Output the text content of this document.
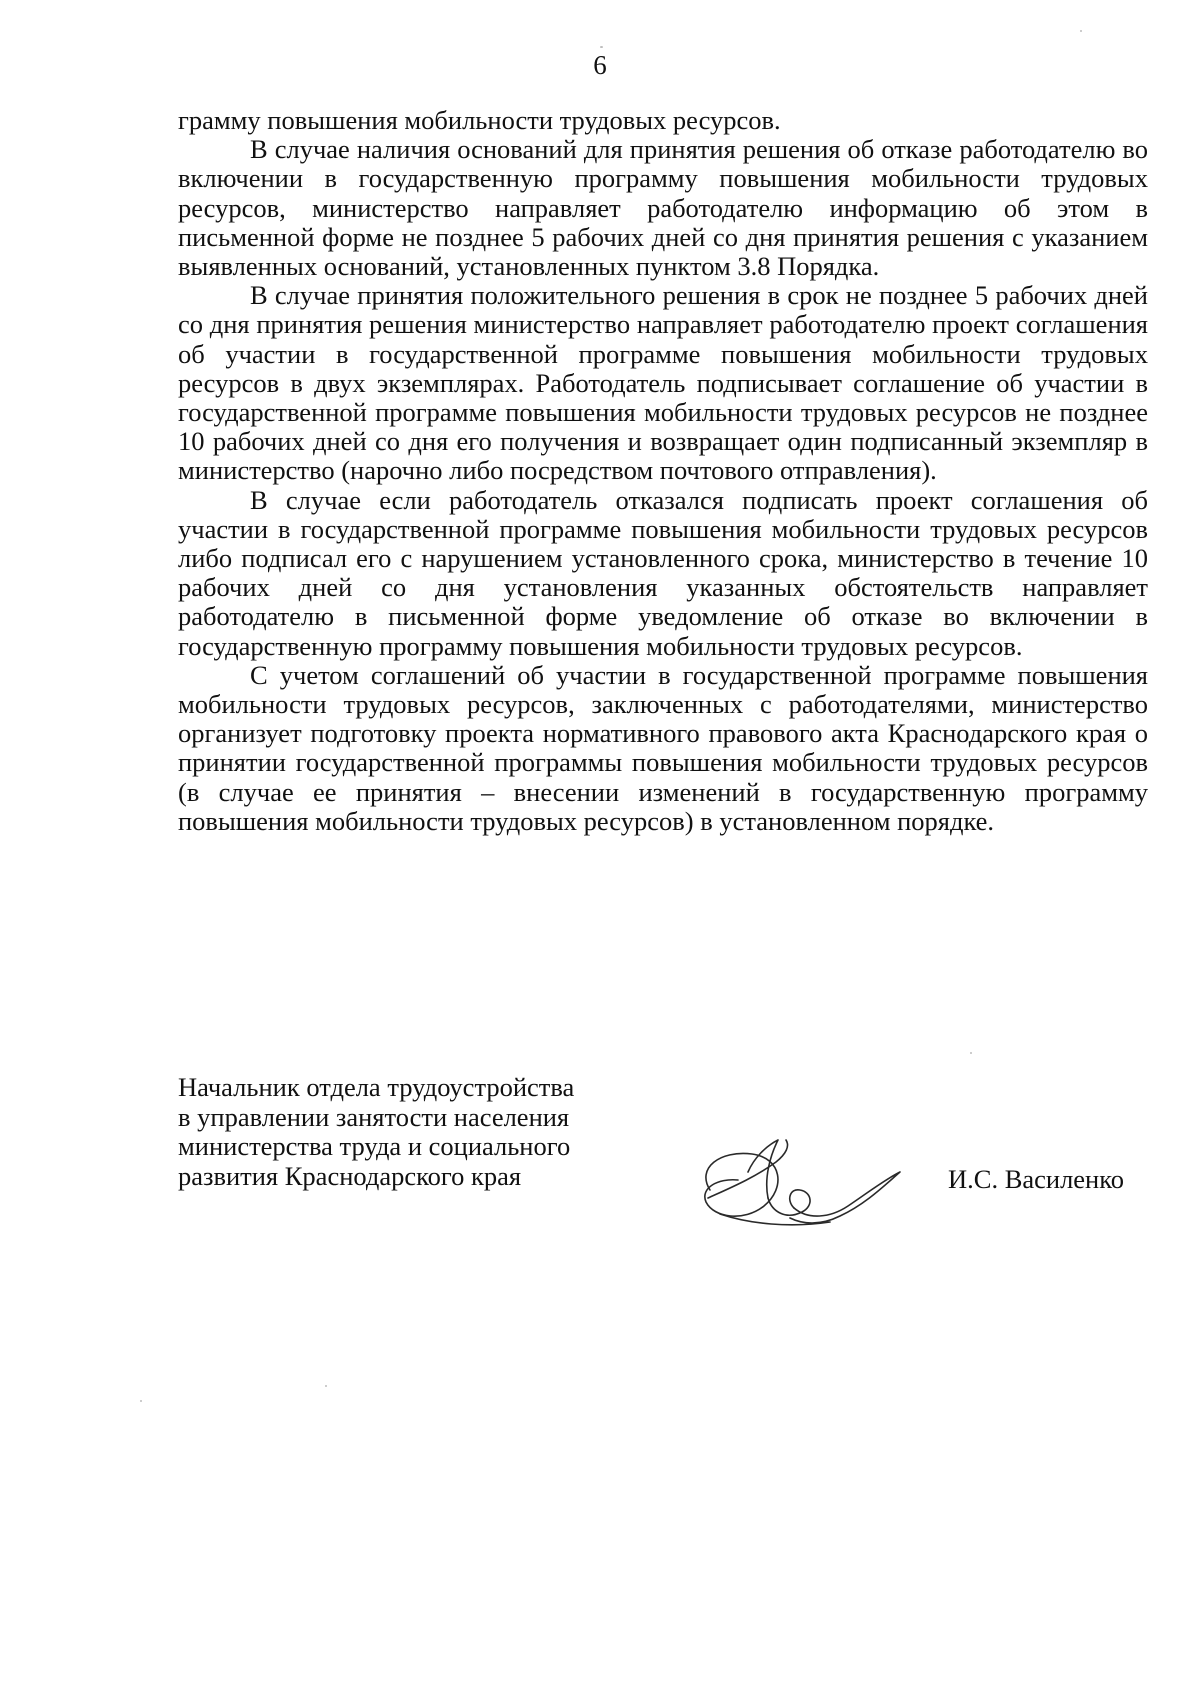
6

грамму повышения мобильности трудовых ресурсов.

В случае наличия оснований для принятия решения об отказе работодателю во включении в государственную программу повышения мобильности трудовых ресурсов, министерство направляет работодателю информацию об этом в письменной форме не позднее 5 рабочих дней со дня принятия решения с указанием выявленных оснований, установленных пунктом 3.8 Порядка.

В случае принятия положительного решения в срок не позднее 5 рабочих дней со дня принятия решения министерство направляет работодателю проект соглашения об участии в государственной программе повышения мобильности трудовых ресурсов в двух экземплярах. Работодатель подписывает соглашение об участии в государственной программе повышения мобильности трудовых ресурсов не позднее 10 рабочих дней со дня его получения и возвращает один подписанный экземпляр в министерство (нарочно либо посредством почтового отправления).

В случае если работодатель отказался подписать проект соглашения об участии в государственной программе повышения мобильности трудовых ресурсов либо подписал его с нарушением установленного срока, министерство в течение 10 рабочих дней со дня установления указанных обстоятельств направляет работодателю в письменной форме уведомление об отказе во включении в государственную программу повышения мобильности трудовых ресурсов.

С учетом соглашений об участии в государственной программе повышения мобильности трудовых ресурсов, заключенных с работодателями, министерство организует подготовку проекта нормативного правового акта Краснодарского края о принятии государственной программы повышения мобильности трудовых ресурсов (в случае ее принятия – внесении изменений в государственную программу повышения мобильности трудовых ресурсов) в установленном порядке.

Начальник отдела трудоустройства
в управлении занятости населения
министерства труда и социального
развития Краснодарского края	И.С. Василенко
